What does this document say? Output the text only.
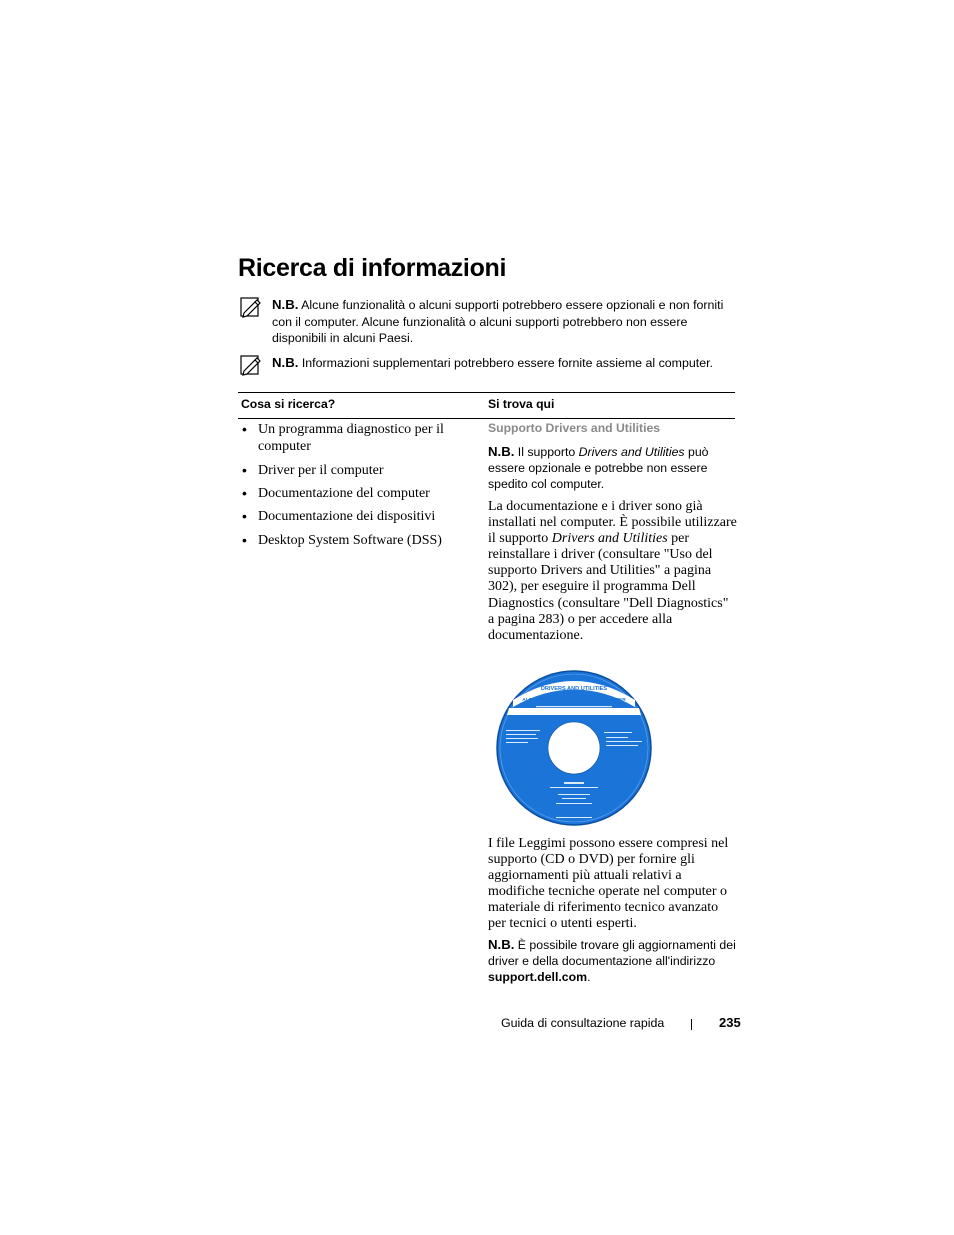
Ricerca di informazioni
N.B. Alcune funzionalità o alcuni supporti potrebbero essere opzionali e non forniti con il computer. Alcune funzionalità o alcuni supporti potrebbero non essere disponibili in alcuni Paesi.
N.B. Informazioni supplementari potrebbero essere fornite assieme al computer.
Cosa si ricerca?	Si trova qui
• Un programma diagnostico per il computer
• Driver per il computer
• Documentazione del computer
• Documentazione dei dispositivi
• Desktop System Software (DSS)
Supporto Drivers and Utilities
N.B. Il supporto Drivers and Utilities può essere opzionale e potrebbe non essere spedito col computer.
La documentazione e i driver sono già installati nel computer. È possibile utilizzare il supporto Drivers and Utilities per reinstallare i driver (consultare "Uso del supporto Drivers and Utilities" a pagina 302), per eseguire il programma Dell Diagnostics (consultare "Dell Diagnostics" a pagina 283) o per accedere alla documentazione.
DRIVERS AND UTILITIES
ALREADY INSTALLED ON YOUR COMPUTER
I file Leggimi possono essere compresi nel supporto (CD o DVD) per fornire gli aggiornamenti più attuali relativi a modifiche tecniche operate nel computer o materiale di riferimento tecnico avanzato per tecnici o utenti esperti.
N.B. È possibile trovare gli aggiornamenti dei driver e della documentazione all'indirizzo support.dell.com.
Guida di consultazione rapida	235
